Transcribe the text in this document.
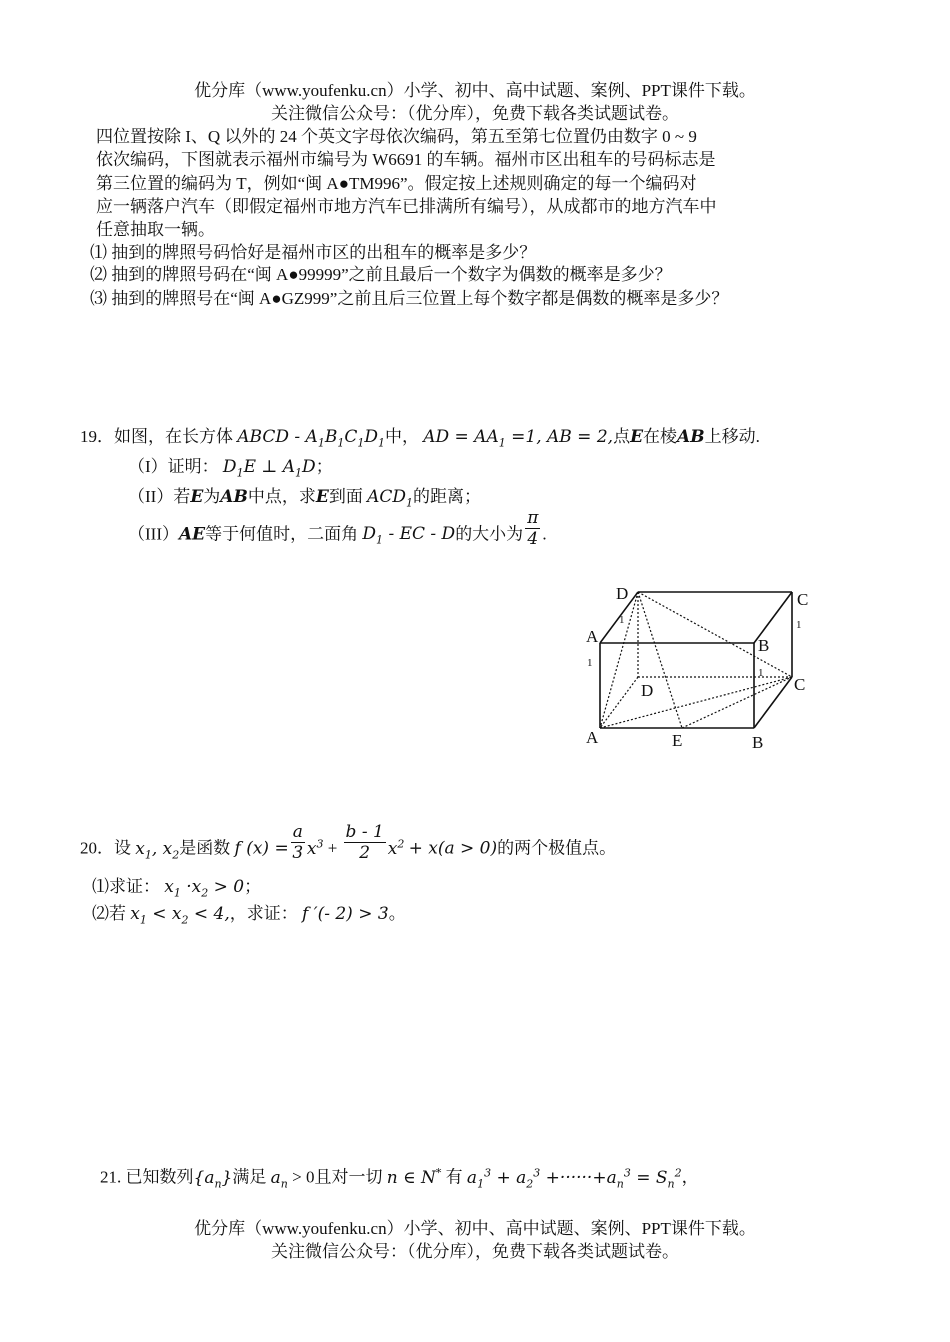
优分库（www.youfenku.cn）小学、初中、高中试题、案例、PPT课件下载。
关注微信公众号：（优分库），免费下载各类试题试卷。
四位置按除 I、Q 以外的 24 个英文字母依次编码，第五至第七位置仍由数字 0 ~ 9
依次编码，下图就表示福州市编号为 W6691 的车辆。福州市区出租车的号码标志是
第三位置的编码为 T，例如“闽 A●TM996”。假定按上述规则确定的每一个编码对
应一辆落户汽车（即假定福州市地方汽车已排满所有编号），从成都市的地方汽车中
任意抽取一辆。
⑴ 抽到的牌照号码恰好是福州市区的出租车的概率是多少？
⑵ 抽到的牌照号码在“闽 A●99999”之前且最后一个数字为偶数的概率是多少？
⑶ 抽到的牌照号在“闽 A●GZ999”之前且后三位置上每个数字都是偶数的概率是多少？
19．如图，在长方体 ABCD - $A_1B_1C_1D_1$中， AD = $AA_1 =1$, AB = 2,点E在棱AB上移动.
（I）证明： $D_1E$ ⊥ $A_1D$；
（II）若E为AB中点，求E到面 $ACD_1$的距离；
（III）AE等于何值时，二面角 $D_1$ - EC - D的大小为 $\frac{\pi}{4}$ .
D
1
C
1
A
1
B
1
D	C
A	E	B
20．设 $x_1$, $x_2$是函数 f $(x) = \frac{a}{3} x^3 + \frac{b - 1}{2} x^2 + x(a > 0)$的两个极值点。
⑴求证： $x_1 \cdot x_2 > 0$；
⑵若 $x_1 < x_2 < 4$,，求证： f ′(- 2) > 3。
21. 已知数列$\{a_n\}$满足 $a_n > 0$且对一切 n ∈ N* 有 $a_1^3 + a_2^3 +\cdot\cdot\cdot\cdot\cdot\cdot+a_n^3 = S_n^2$，
优分库（www.youfenku.cn）小学、初中、高中试题、案例、PPT课件下载。
关注微信公众号：（优分库），免费下载各类试题试卷。
